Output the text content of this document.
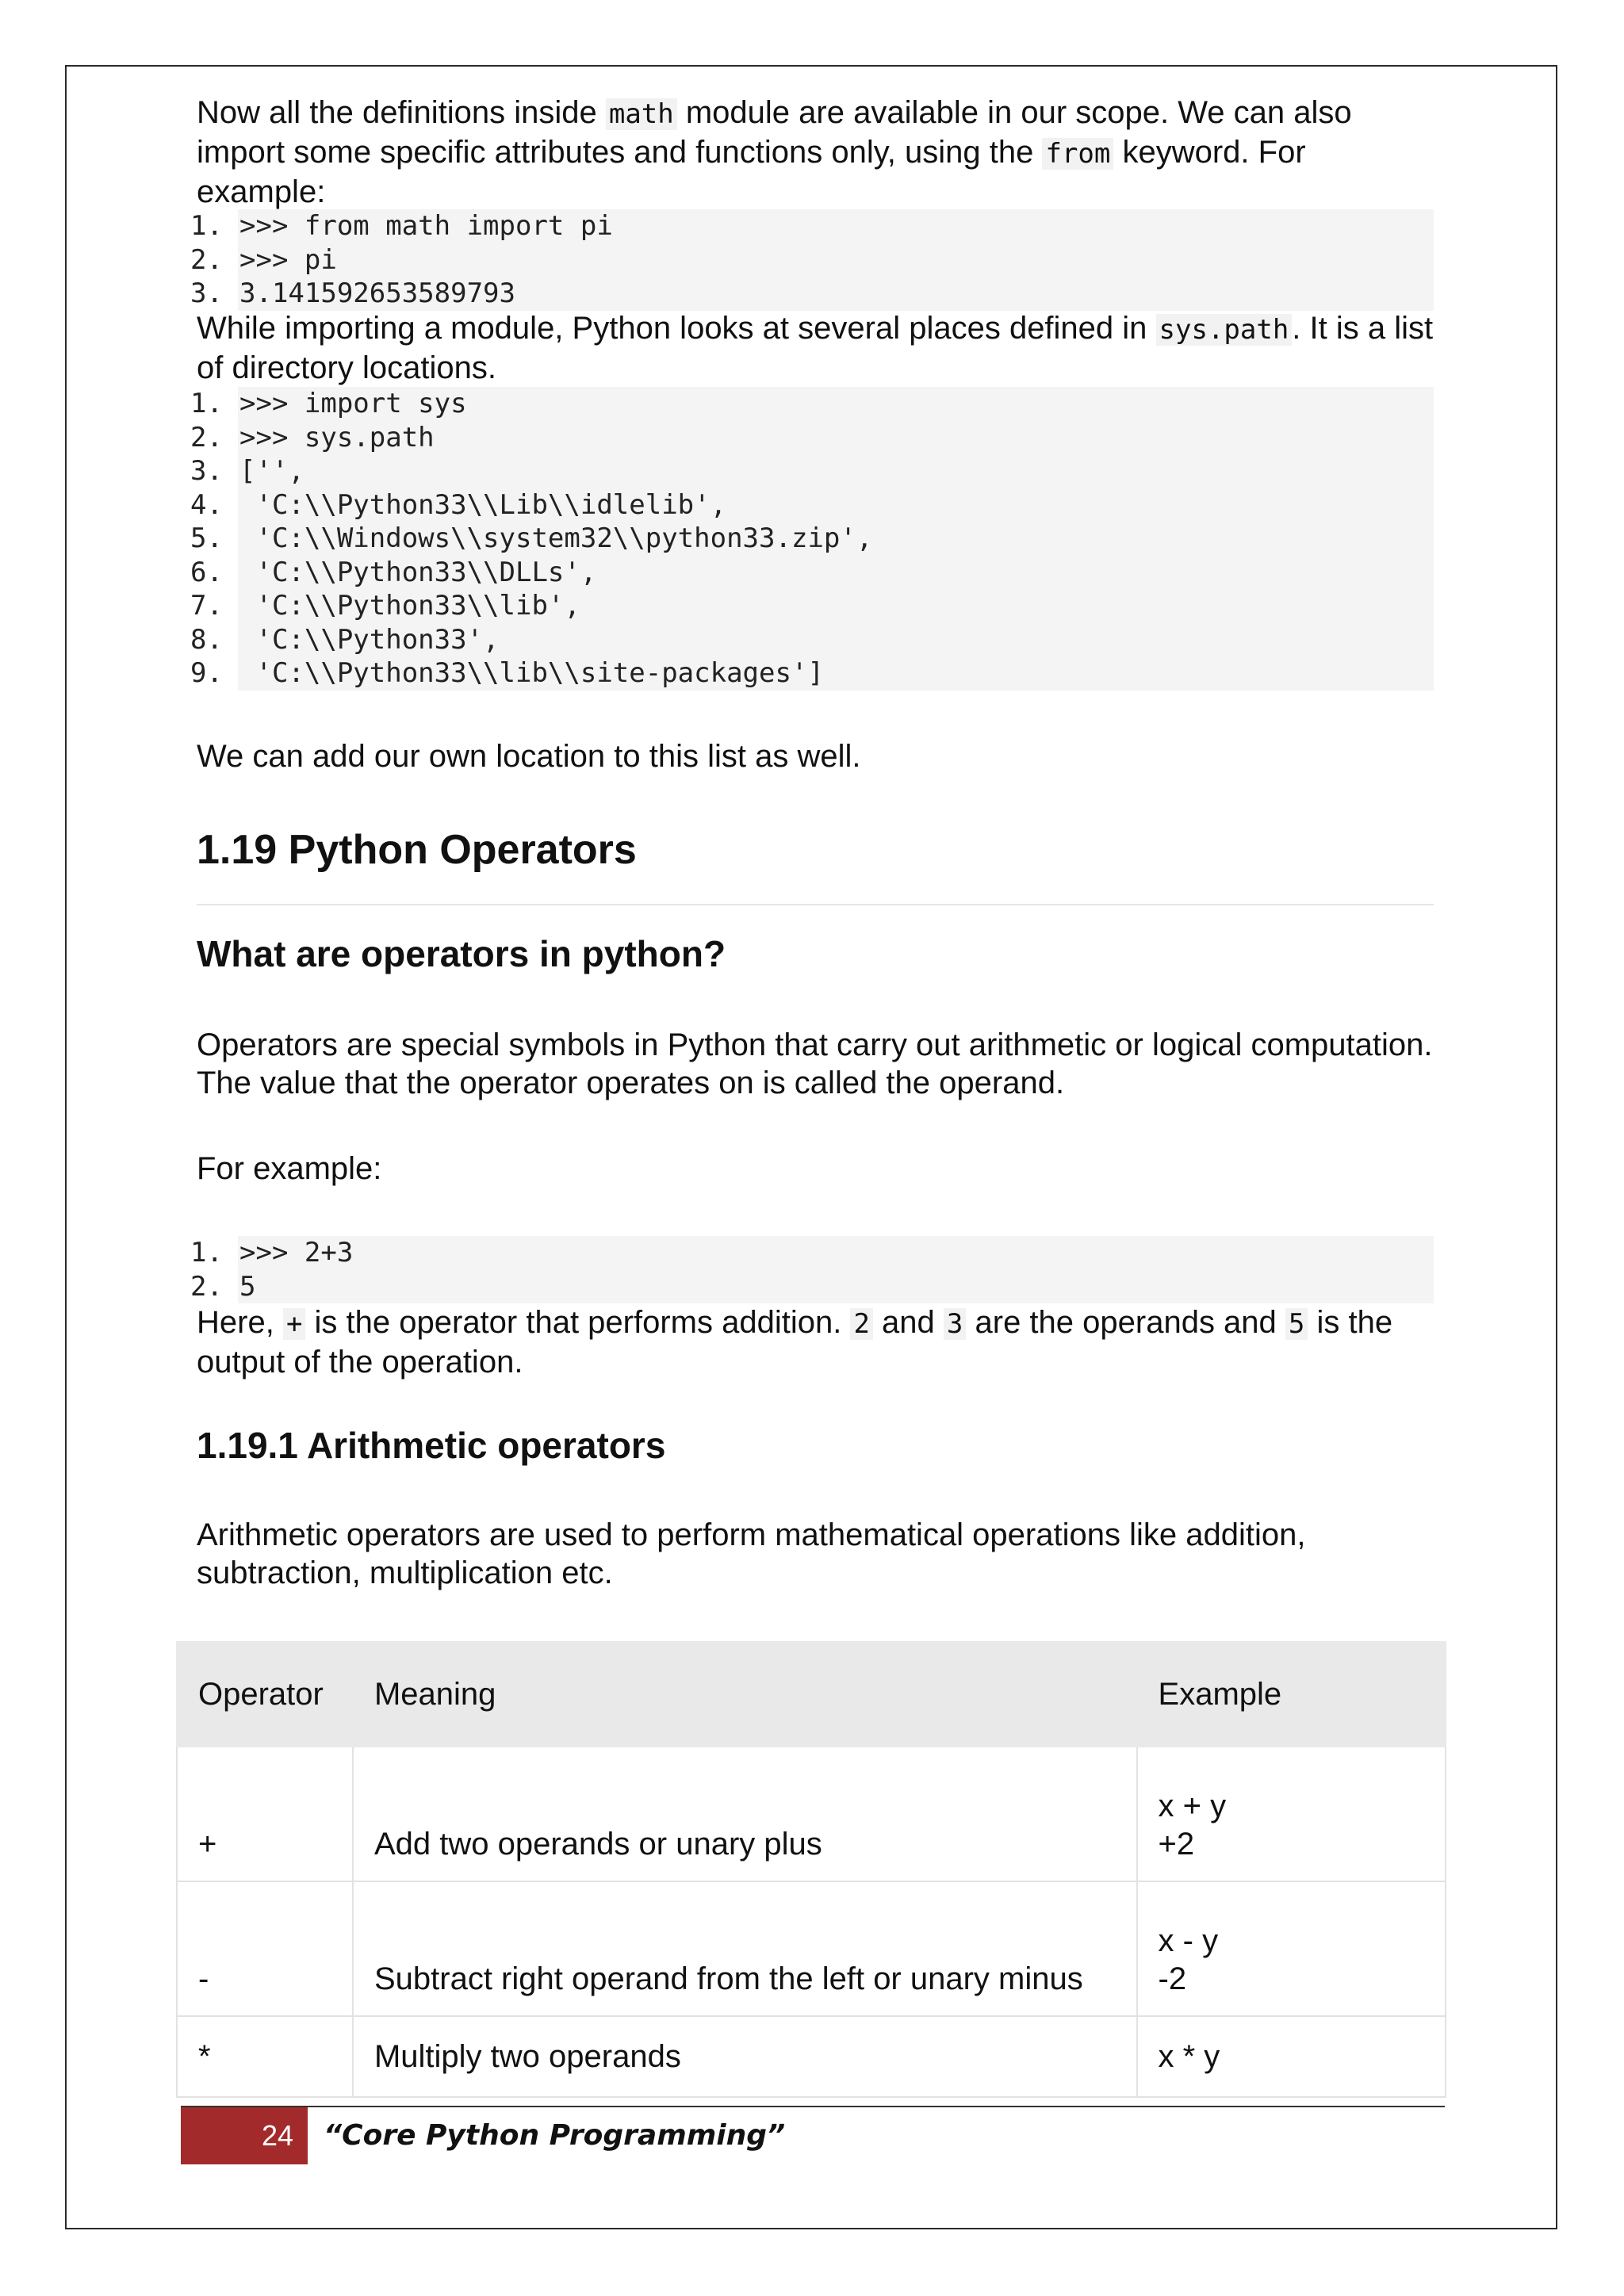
Now all the definitions inside math module are available in our scope. We can also import some specific attributes and functions only, using the from keyword. For example:

1. >>> from math import pi
2. >>> pi
3. 3.141592653589793

While importing a module, Python looks at several places defined in sys.path . It is a list of directory locations.

1. >>> import sys
2. >>> sys.path
3. ['',
4. 'C:\\Python33\\Lib\\idlelib',
5. 'C:\\Windows\\system32\\python33.zip',
6. 'C:\\Python33\\DLLs',
7. 'C:\\Python33\\lib',
8. 'C:\\Python33',
9. 'C:\\Python33\\lib\\site-packages']

We can add our own location to this list as well.

1.19 Python Operators
What are operators in python?

Operators are special symbols in Python that carry out arithmetic or logical computation. The value that the operator operates on is called the operand.

For example:

1. >>> 2+3
2. 5

Here, + is the operator that performs addition. 2 and 3 are the operands and 5 is the output of the operation.

1.19.1 Arithmetic operators

Arithmetic operators are used to perform mathematical operations like addition, subtraction, multiplication etc.

Operator	Meaning	Example
+	Add two operands or unary plus	x + y
+2

-	Subtract right operand from the left or unary minus	x - y
-2

*	Multiply two operands	x * y
24	“Core Python Programming”
